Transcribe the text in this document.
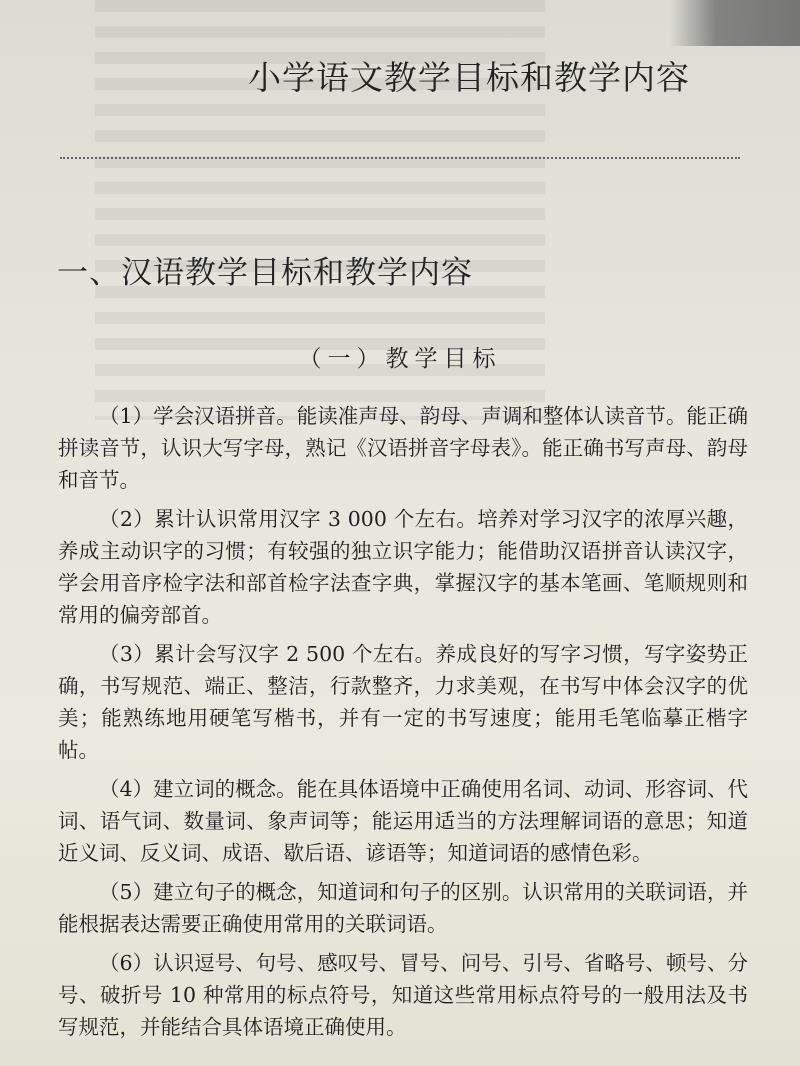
小学语文教学目标和教学内容
一、汉语教学目标和教学内容
（一）教学目标

（1）学会汉语拼音。能读准声母、韵母、声调和整体认读音节。能正确拼读音节，认识大写字母，熟记《汉语拼音字母表》。能正确书写声母、韵母和音节。

（2）累计认识常用汉字 3 000 个左右。培养对学习汉字的浓厚兴趣，养成主动识字的习惯；有较强的独立识字能力；能借助汉语拼音认读汉字，学会用音序检字法和部首检字法查字典，掌握汉字的基本笔画、笔顺规则和常用的偏旁部首。

（3）累计会写汉字 2 500 个左右。养成良好的写字习惯，写字姿势正确，书写规范、端正、整洁，行款整齐，力求美观，在书写中体会汉字的优美；能熟练地用硬笔写楷书，并有一定的书写速度；能用毛笔临摹正楷字帖。

（4）建立词的概念。能在具体语境中正确使用名词、动词、形容词、代词、语气词、数量词、象声词等；能运用适当的方法理解词语的意思；知道近义词、反义词、成语、歇后语、谚语等；知道词语的感情色彩。

（5）建立句子的概念，知道词和句子的区别。认识常用的关联词语，并能根据表达需要正确使用常用的关联词语。

（6）认识逗号、句号、感叹号、冒号、问号、引号、省略号、顿号、分号、破折号 10 种常用的标点符号，知道这些常用标点符号的一般用法及书写规范，并能结合具体语境正确使用。
